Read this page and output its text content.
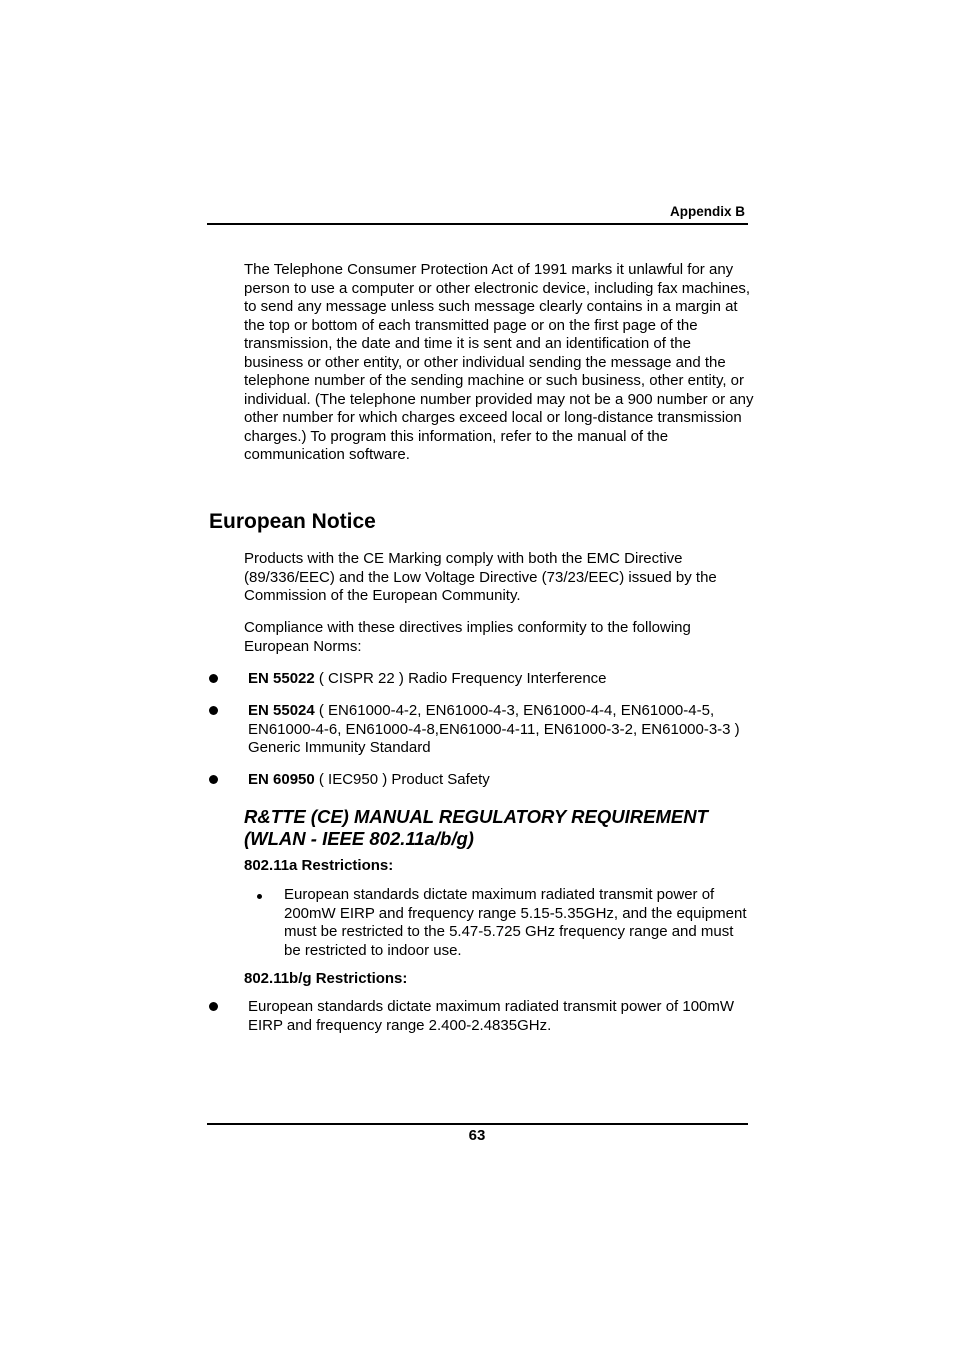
Appendix B
The Telephone Consumer Protection Act of 1991 marks it unlawful for any person to use a computer or other electronic device, including fax machines, to send any message unless such message clearly contains in a margin at the top or bottom of each transmitted page or on the first page of the transmission, the date and time it is sent and an identification of the business or other entity, or other individual sending the message and the telephone number of the sending machine or such business, other entity, or individual. (The telephone number provided may not be a 900 number or any other number for which charges exceed local or long-distance transmission charges.) To program this information, refer to the manual of the communication software.
European Notice
Products with the CE Marking comply with both the EMC Directive (89/336/EEC) and the Low Voltage Directive (73/23/EEC) issued by the Commission of the European Community.
Compliance with these directives implies conformity to the following European Norms:
EN 55022 ( CISPR 22 ) Radio Frequency Interference
EN 55024 ( EN61000-4-2, EN61000-4-3, EN61000-4-4, EN61000-4-5, EN61000-4-6, EN61000-4-8,EN61000-4-11, EN61000-3-2, EN61000-3-3 ) Generic Immunity Standard
EN 60950 ( IEC950 ) Product Safety
R&TTE (CE) MANUAL REGULATORY REQUIREMENT
(WLAN - IEEE 802.11a/b/g)
802.11a Restrictions:
European standards dictate maximum radiated transmit power of 200mW EIRP and frequency range 5.15-5.35GHz, and the equipment must be restricted to the 5.47-5.725 GHz frequency range and must be restricted to indoor use.
802.11b/g Restrictions:
European standards dictate maximum radiated transmit power of 100mW EIRP and frequency range 2.400-2.4835GHz.
63
